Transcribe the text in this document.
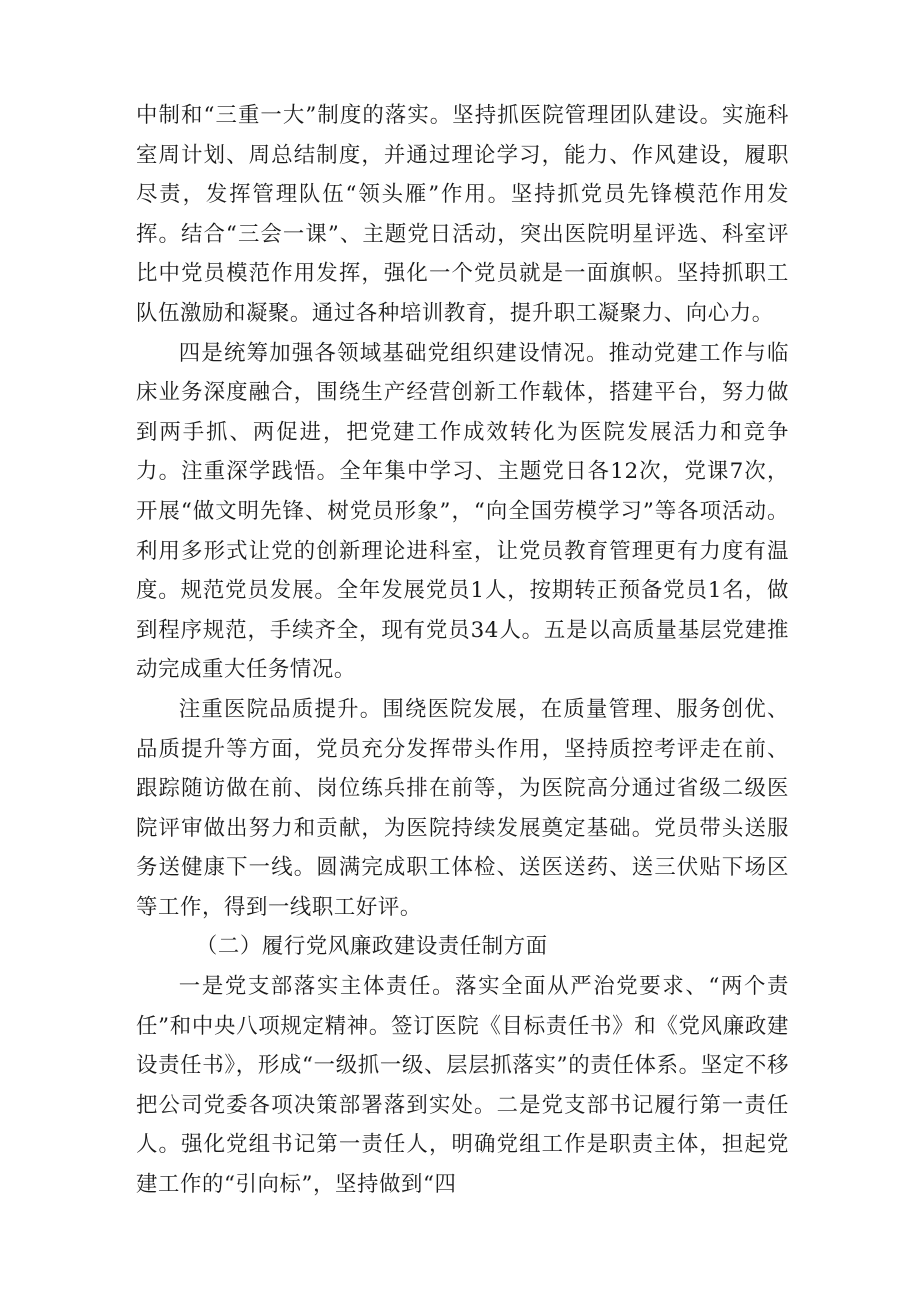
中制和“三重一大”制度的落实。坚持抓医院管理团队建设。实施科室周计划、周总结制度，并通过理论学习，能力、作风建设，履职尽责，发挥管理队伍“领头雁”作用。坚持抓党员先锋模范作用发挥。结合“三会一课”、主题党日活动，突出医院明星评选、科室评比中党员模范作用发挥，强化一个党员就是一面旗帜。坚持抓职工队伍激励和凝聚。通过各种培训教育，提升职工凝聚力、向心力。

四是统筹加强各领域基础党组织建设情况。推动党建工作与临床业务深度融合，围绕生产经营创新工作载体，搭建平台，努力做到两手抓、两促进，把党建工作成效转化为医院发展活力和竞争力。注重深学践悟。全年集中学习、主题党日各12次，党课7次，开展“做文明先锋、树党员形象”，“向全国劳模学习”等各项活动。利用多形式让党的创新理论进科室，让党员教育管理更有力度有温度。规范党员发展。全年发展党员1人，按期转正预备党员1名，做到程序规范，手续齐全，现有党员34人。五是以高质量基层党建推动完成重大任务情况。

注重医院品质提升。围绕医院发展，在质量管理、服务创优、品质提升等方面，党员充分发挥带头作用，坚持质控考评走在前、跟踪随访做在前、岗位练兵排在前等，为医院高分通过省级二级医院评审做出努力和贡献，为医院持续发展奠定基础。党员带头送服务送健康下一线。圆满完成职工体检、送医送药、送三伏贴下场区等工作，得到一线职工好评。

（二）履行党风廉政建设责任制方面

一是党支部落实主体责任。落实全面从严治党要求、“两个责任”和中央八项规定精神。签订医院《目标责任书》和《党风廉政建设责任书》，形成“一级抓一级、层层抓落实”的责任体系。坚定不移把公司党委各项决策部署落到实处。二是党支部书记履行第一责任人。强化党组书记第一责任人，明确党组工作是职责主体，担起党建工作的“引向标”，坚持做到“四
